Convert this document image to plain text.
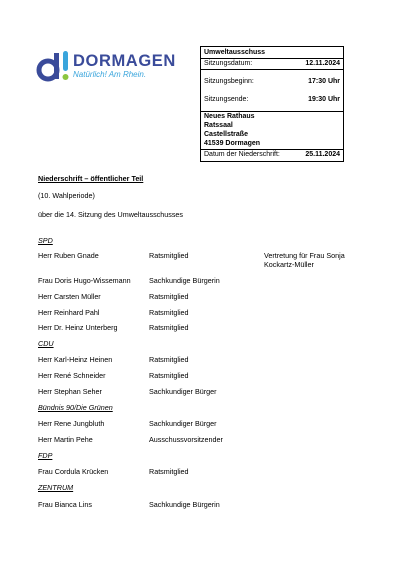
DORMAGEN
Natürlich! Am Rhein.
Umweltausschuss
Sitzungsdatum:	12.11.2024
Sitzungsbeginn:	17:30 Uhr
Sitzungsende:	19:30 Uhr
Neues Rathaus
Ratssaal
Castellstraße
41539 Dormagen
Datum der Niederschrift:	25.11.2024
Niederschrift – öffentlicher Teil
(10. Wahlperiode)
über die 14. Sitzung des Umweltausschusses
SPD
Herr Ruben Gnade	Ratsmitglied	Vertretung für Frau Sonja Kockartz-Müller
Frau Doris Hugo-Wissemann	Sachkundige Bürgerin
Herr Carsten Müller	Ratsmitglied
Herr Reinhard Pahl	Ratsmitglied
Herr Dr. Heinz Unterberg	Ratsmitglied
CDU
Herr Karl-Heinz Heinen	Ratsmitglied
Herr René Schneider	Ratsmitglied
Herr Stephan Seher	Sachkundiger Bürger
Bündnis 90/Die Grünen
Herr Rene Jungbluth	Sachkundiger Bürger
Herr Martin Pehe	Ausschussvorsitzender
FDP
Frau Cordula Krücken	Ratsmitglied
ZENTRUM
Frau Bianca Lins	Sachkundige Bürgerin
